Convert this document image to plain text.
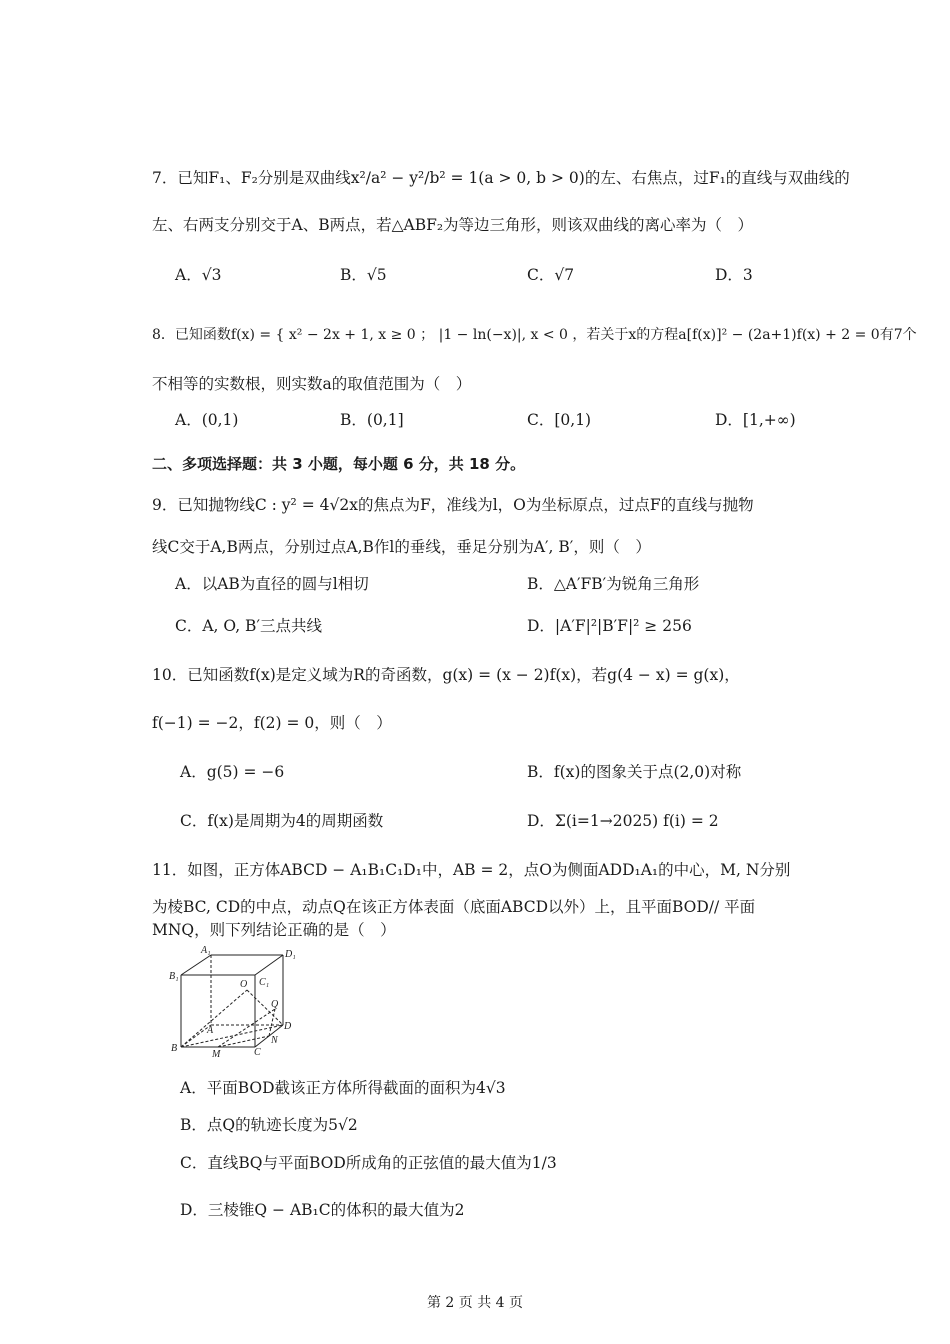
7．已知F₁、F₂分别是双曲线x²/a² − y²/b² = 1(a > 0, b > 0)的左、右焦点，过F₁的直线与双曲线的
左、右两支分别交于A、B两点，若△ABF₂为等边三角形，则该双曲线的离心率为（　）
A．√3	B．√5	C．√7	D．3
8．已知函数f(x) = { x² − 2x + 1, x ≥ 0 ； |1 − ln(−x)|, x < 0 ，若关于x的方程a[f(x)]² − (2a+1)f(x) + 2 = 0有7个
不相等的实数根，则实数a的取值范围为（　）
A．(0,1)	B．(0,1]	C．[0,1)	D．[1,+∞)
二、多项选择题：共 3 小题，每小题 6 分，共 18 分。
9．已知抛物线C : y² = 4√2x的焦点为F，准线为l，O为坐标原点，过点F的直线与抛物
线C交于A,B两点，分别过点A,B作l的垂线，垂足分别为A′, B′，则（　）
A．以AB为直径的圆与l相切	B．△A′FB′为锐角三角形
C．A, O, B′三点共线	D．|A′F|²|B′F|² ≥ 256
10．已知函数f(x)是定义域为R的奇函数，g(x) = (x − 2)f(x)，若g(4 − x) = g(x)，
f(−1) = −2，f(2) = 0，则（　）
A．g(5) = −6	B．f(x)的图象关于点(2,0)对称
C．f(x)是周期为4的周期函数	D．Σ(i=1→2025) f(i) = 2
11．如图，正方体ABCD − A₁B₁C₁D₁中，AB = 2，点O为侧面ADD₁A₁的中心，M, N分别
为棱BC, CD的中点，动点Q在该正方体表面（底面ABCD以外）上，且平面BOD// 平面
MNQ，则下列结论正确的是（　）
A₁	D₁
B₁
C₁
O
Q
A	D
B
M	C
N
A．平面BOD截该正方体所得截面的面积为4√3
B．点Q的轨迹长度为5√2
C．直线BQ与平面BOD所成角的正弦值的最大值为1/3
D．三棱锥Q − AB₁C的体积的最大值为2
第 2 页 共 4 页
